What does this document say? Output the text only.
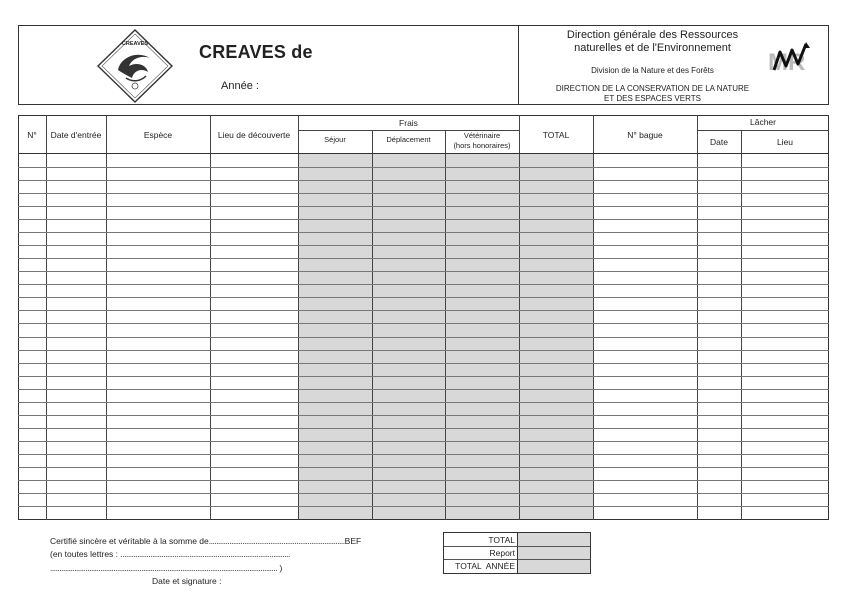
CREAVES	CREAVES de
Année :
Direction générale des Ressources
naturelles et de l'Environnement
Division de la Nature et des Forêts
DIRECTION DE LA CONSERVATION DE LA NATURE
ET DES ESPACES VERTS
MR
N°	Date d'entrée	Espèce	Lieu de découverte
Frais
Séjour	Déplacement	Vétérinaire
(hors honoraires)
TOTAL	N° bague
Lâcher
Date	Lieu
Certifié sincère et véritable à la somme de.........................................................................BEF
(en toutes lettres : ...........................................................................................
.......................................................................................................................... )
Date et signature :
TOTAL
Report
TOTAL  ANNÉE
